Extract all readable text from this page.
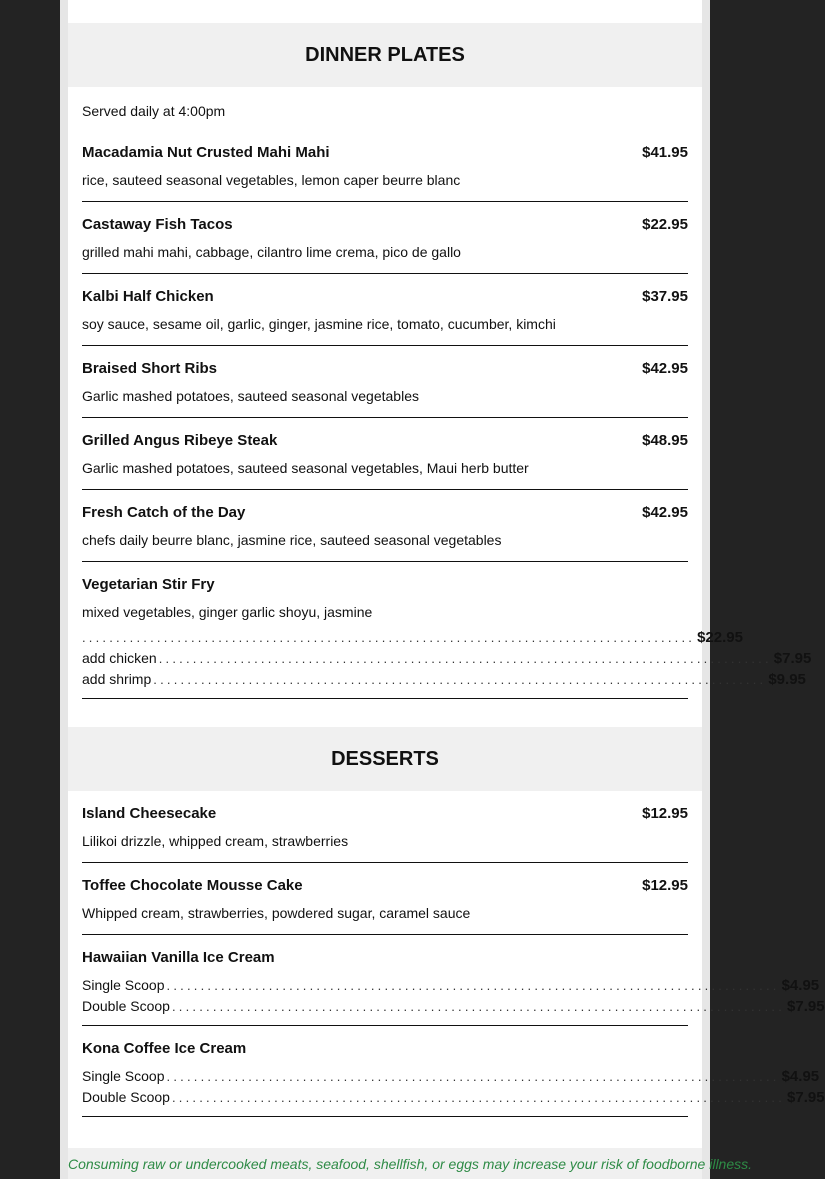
DINNER PLATES
Served daily at 4:00pm
Macadamia Nut Crusted Mahi Mahi	$41.95
rice, sauteed seasonal vegetables, lemon caper beurre blanc
Castaway Fish Tacos	$22.95
grilled mahi mahi, cabbage, cilantro lime crema, pico de gallo
Kalbi Half Chicken	$37.95
soy sauce, sesame oil, garlic, ginger, jasmine rice, tomato, cucumber, kimchi
Braised Short Ribs	$42.95
Garlic mashed potatoes, sauteed seasonal vegetables
Grilled Angus Ribeye Steak	$48.95
Garlic mashed potatoes, sauteed seasonal vegetables, Maui herb butter
Fresh Catch of the Day	$42.95
chefs daily beurre blanc, jasmine rice, sauteed seasonal vegetables
Vegetarian Stir Fry
mixed vegetables, ginger garlic shoyu, jasmine
.......................................................................................... $22.95
add chicken .......................................................................................... $7.95
add shrimp .......................................................................................... $9.95
DESSERTS
Island Cheesecake	$12.95
Lilikoi drizzle, whipped cream, strawberries
Toffee Chocolate Mousse Cake	$12.95
Whipped cream, strawberries, powdered sugar, caramel sauce
Hawaiian Vanilla Ice Cream
Single Scoop .......................................................................................... $4.95
Double Scoop .......................................................................................... $7.95
Kona Coffee Ice Cream
Single Scoop .......................................................................................... $4.95
Double Scoop .......................................................................................... $7.95
Consuming raw or undercooked meats, seafood, shellfish, or eggs may increase your risk of foodborne illness.
